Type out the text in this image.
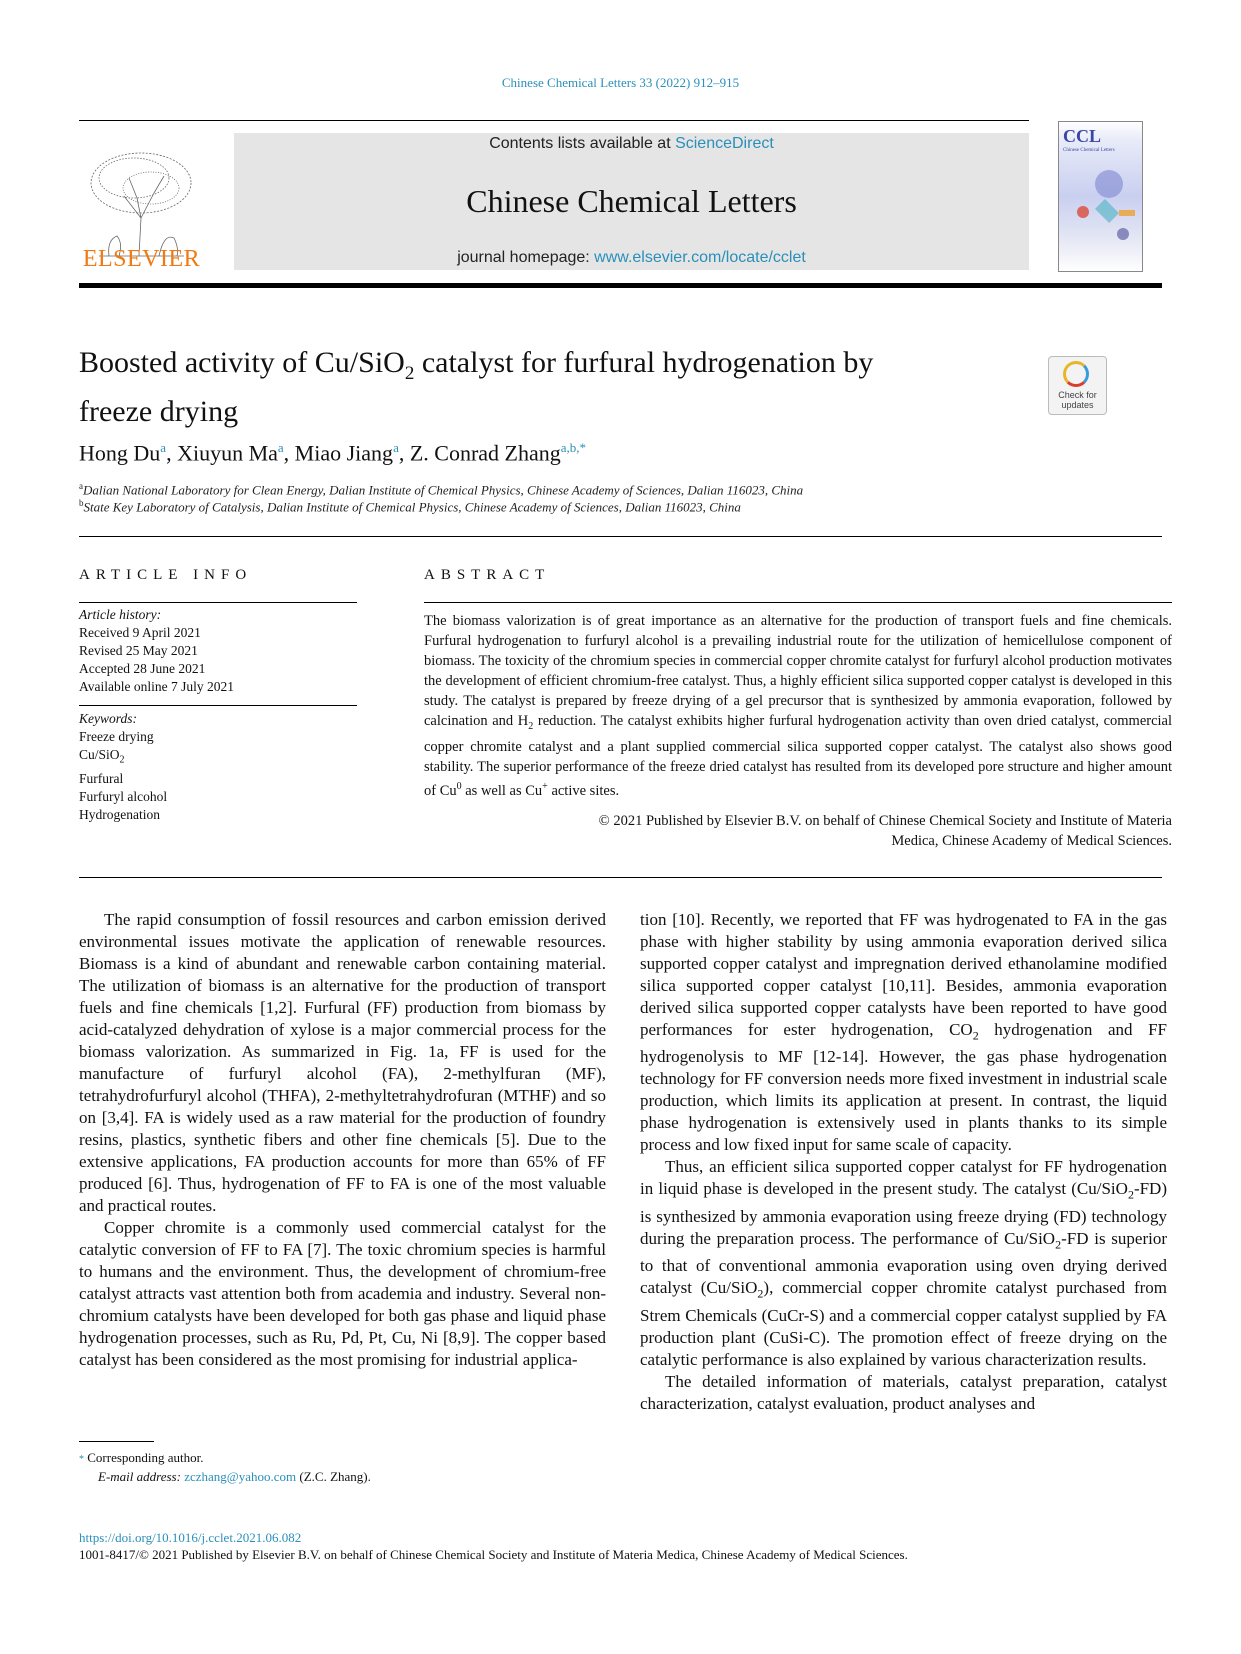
Chinese Chemical Letters 33 (2022) 912–915
ELSEVIER
Contents lists available at ScienceDirect
Chinese Chemical Letters
journal homepage: www.elsevier.com/locate/cclet
CCL
Chinese Chemical Letters
Boosted activity of Cu/SiO$_2$ catalyst for furfural hydrogenation by
freeze drying	Check for updates
Hong Du$^a$, Xiuyun Ma$^a$, Miao Jiang$^a$, Z. Conrad Zhang$^{a,b,*}$
$^a$Dalian National Laboratory for Clean Energy, Dalian Institute of Chemical Physics, Chinese Academy of Sciences, Dalian 116023, China
$^b$State Key Laboratory of Catalysis, Dalian Institute of Chemical Physics, Chinese Academy of Sciences, Dalian 116023, China
ARTICLE INFO
Article history:
Received 9 April 2021
Revised 25 May 2021
Accepted 28 June 2021
Available online 7 July 2021
Keywords:
Freeze drying
Cu/SiO$_2$
Furfural
Furfuryl alcohol
Hydrogenation
ABSTRACT
The biomass valorization is of great importance as an alternative for the production of transport fuels and fine chemicals. Furfural hydrogenation to furfuryl alcohol is a prevailing industrial route for the utilization of hemicellulose component of biomass. The toxicity of the chromium species in commercial copper chromite catalyst for furfuryl alcohol production motivates the development of efficient chromium-free catalyst. Thus, a highly efficient silica supported copper catalyst is developed in this study. The catalyst is prepared by freeze drying of a gel precursor that is synthesized by ammonia evaporation, followed by calcination and $H_2$ reduction. The catalyst exhibits higher furfural hydrogenation activity than oven dried catalyst, commercial copper chromite catalyst and a plant supplied commercial silica supported copper catalyst. The catalyst also shows good stability. The superior performance of the freeze dried catalyst has resulted from its developed pore structure and higher amount of Cu$^0$ as well as Cu+ active sites.
© 2021 Published by Elsevier B.V. on behalf of Chinese Chemical Society and Institute of Materia
Medica, Chinese Academy of Medical Sciences.

The rapid consumption of fossil resources and carbon emission derived environmental issues motivate the application of renewable resources. Biomass is a kind of abundant and renewable carbon containing material. The utilization of biomass is an alternative for the production of transport fuels and fine chemicals [1,2]. Furfural (FF) production from biomass by acid-catalyzed dehydration of xylose is a major commercial process for the biomass valorization. As summarized in Fig. 1a, FF is used for the manufacture of furfuryl alcohol (FA), 2-methylfuran (MF), tetrahydrofurfuryl alcohol (THFA), 2-methyltetrahydrofuran (MTHF) and so on [3,4]. FA is widely used as a raw material for the production of foundry resins, plastics, synthetic fibers and other fine chemicals [5]. Due to the extensive applications, FA production accounts for more than 65% of FF produced [6]. Thus, hydrogenation of FF to FA is one of the most valuable and practical routes.

Copper chromite is a commonly used commercial catalyst for the catalytic conversion of FF to FA [7]. The toxic chromium species is harmful to humans and the environment. Thus, the development of chromium-free catalyst attracts vast attention both from academia and industry. Several non-chromium catalysts have been developed for both gas phase and liquid phase hydrogenation processes, such as Ru, Pd, Pt, Cu, Ni [8,9]. The copper based catalyst has been considered as the most promising for industrial applica-

tion [10]. Recently, we reported that FF was hydrogenated to FA in the gas phase with higher stability by using ammonia evaporation derived silica supported copper catalyst and impregnation derived ethanolamine modified silica supported copper catalyst [10,11]. Besides, ammonia evaporation derived silica supported copper catalysts have been reported to have good performances for ester hydrogenation, $CO_2$ hydrogenation and FF hydrogenolysis to MF [12-14]. However, the gas phase hydrogenation technology for FF conversion needs more fixed investment in industrial scale production, which limits its application at present. In contrast, the liquid phase hydrogenation is extensively used in plants thanks to its simple process and low fixed input for same scale of capacity.

Thus, an efficient silica supported copper catalyst for FF hydrogenation in liquid phase is developed in the present study. The catalyst (Cu/SiO$_2$-FD) is synthesized by ammonia evaporation using freeze drying (FD) technology during the preparation process. The performance of Cu/SiO$_2$-FD is superior to that of conventional ammonia evaporation using oven drying derived catalyst (Cu/SiO$_2$), commercial copper chromite catalyst purchased from Strem Chemicals (CuCr-S) and a commercial copper catalyst supplied by FA production plant (CuSi-C). The promotion effect of freeze drying on the catalytic performance is also explained by various characterization results.

The detailed information of materials, catalyst preparation, catalyst characterization, catalyst evaluation, product analyses and

* Corresponding author.
E-mail address: zczhang@yahoo.com (Z.C. Zhang).
https://doi.org/10.1016/j.cclet.2021.06.082
1001-8417/© 2021 Published by Elsevier B.V. on behalf of Chinese Chemical Society and Institute of Materia Medica, Chinese Academy of Medical Sciences.
